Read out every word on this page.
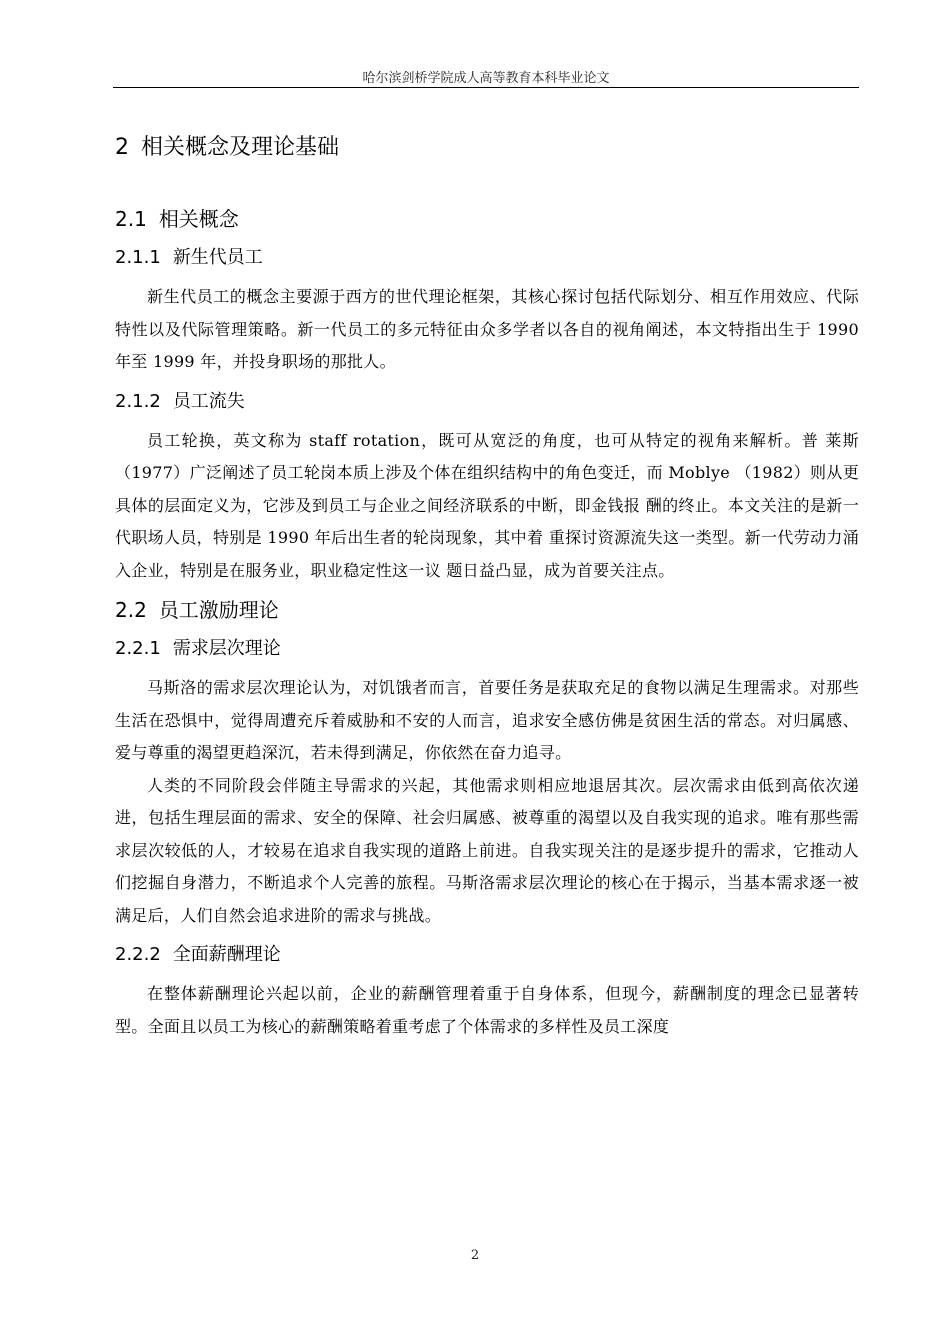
哈尔滨剑桥学院成人高等教育本科毕业论文
2 相关概念及理论基础
2.1 相关概念
2.1.1 新生代员工

新生代员工的概念主要源于西方的世代理论框架，其核心探讨包括代际划分、相互作用效应、代际特性以及代际管理策略。新一代员工的多元特征由众多学者以各自的视角阐述，本文特指出生于 1990 年至 1999 年，并投身职场的那批人。

2.1.2 员工流失

员工轮换，英文称为 staff rotation，既可从宽泛的角度，也可从特定的视角来解析。普 莱斯（1977）广泛阐述了员工轮岗本质上涉及个体在组织结构中的角色变迁，而 Moblye （1982）则从更具体的层面定义为，它涉及到员工与企业之间经济联系的中断，即金钱报 酬的终止。本文关注的是新一代职场人员，特别是 1990 年后出生者的轮岗现象，其中着 重探讨资源流失这一类型。新一代劳动力涌入企业，特别是在服务业，职业稳定性这一议 题日益凸显，成为首要关注点。

2.2 员工激励理论
2.2.1 需求层次理论

马斯洛的需求层次理论认为，对饥饿者而言，首要任务是获取充足的食物以满足生理需求。对那些生活在恐惧中，觉得周遭充斥着威胁和不安的人而言，追求安全感仿佛是贫困生活的常态。对归属感、爱与尊重的渴望更趋深沉，若未得到满足，你依然在奋力追寻。

人类的不同阶段会伴随主导需求的兴起，其他需求则相应地退居其次。层次需求由低到高依次递进，包括生理层面的需求、安全的保障、社会归属感、被尊重的渴望以及自我实现的追求。唯有那些需求层次较低的人，才较易在追求自我实现的道路上前进。自我实现关注的是逐步提升的需求，它推动人们挖掘自身潜力，不断追求个人完善的旅程。马斯洛需求层次理论的核心在于揭示，当基本需求逐一被满足后，人们自然会追求进阶的需求与挑战。

2.2.2 全面薪酬理论

在整体薪酬理论兴起以前，企业的薪酬管理着重于自身体系，但现今，薪酬制度的理念已显著转型。全面且以员工为核心的薪酬策略着重考虑了个体需求的多样性及员工深度

2
